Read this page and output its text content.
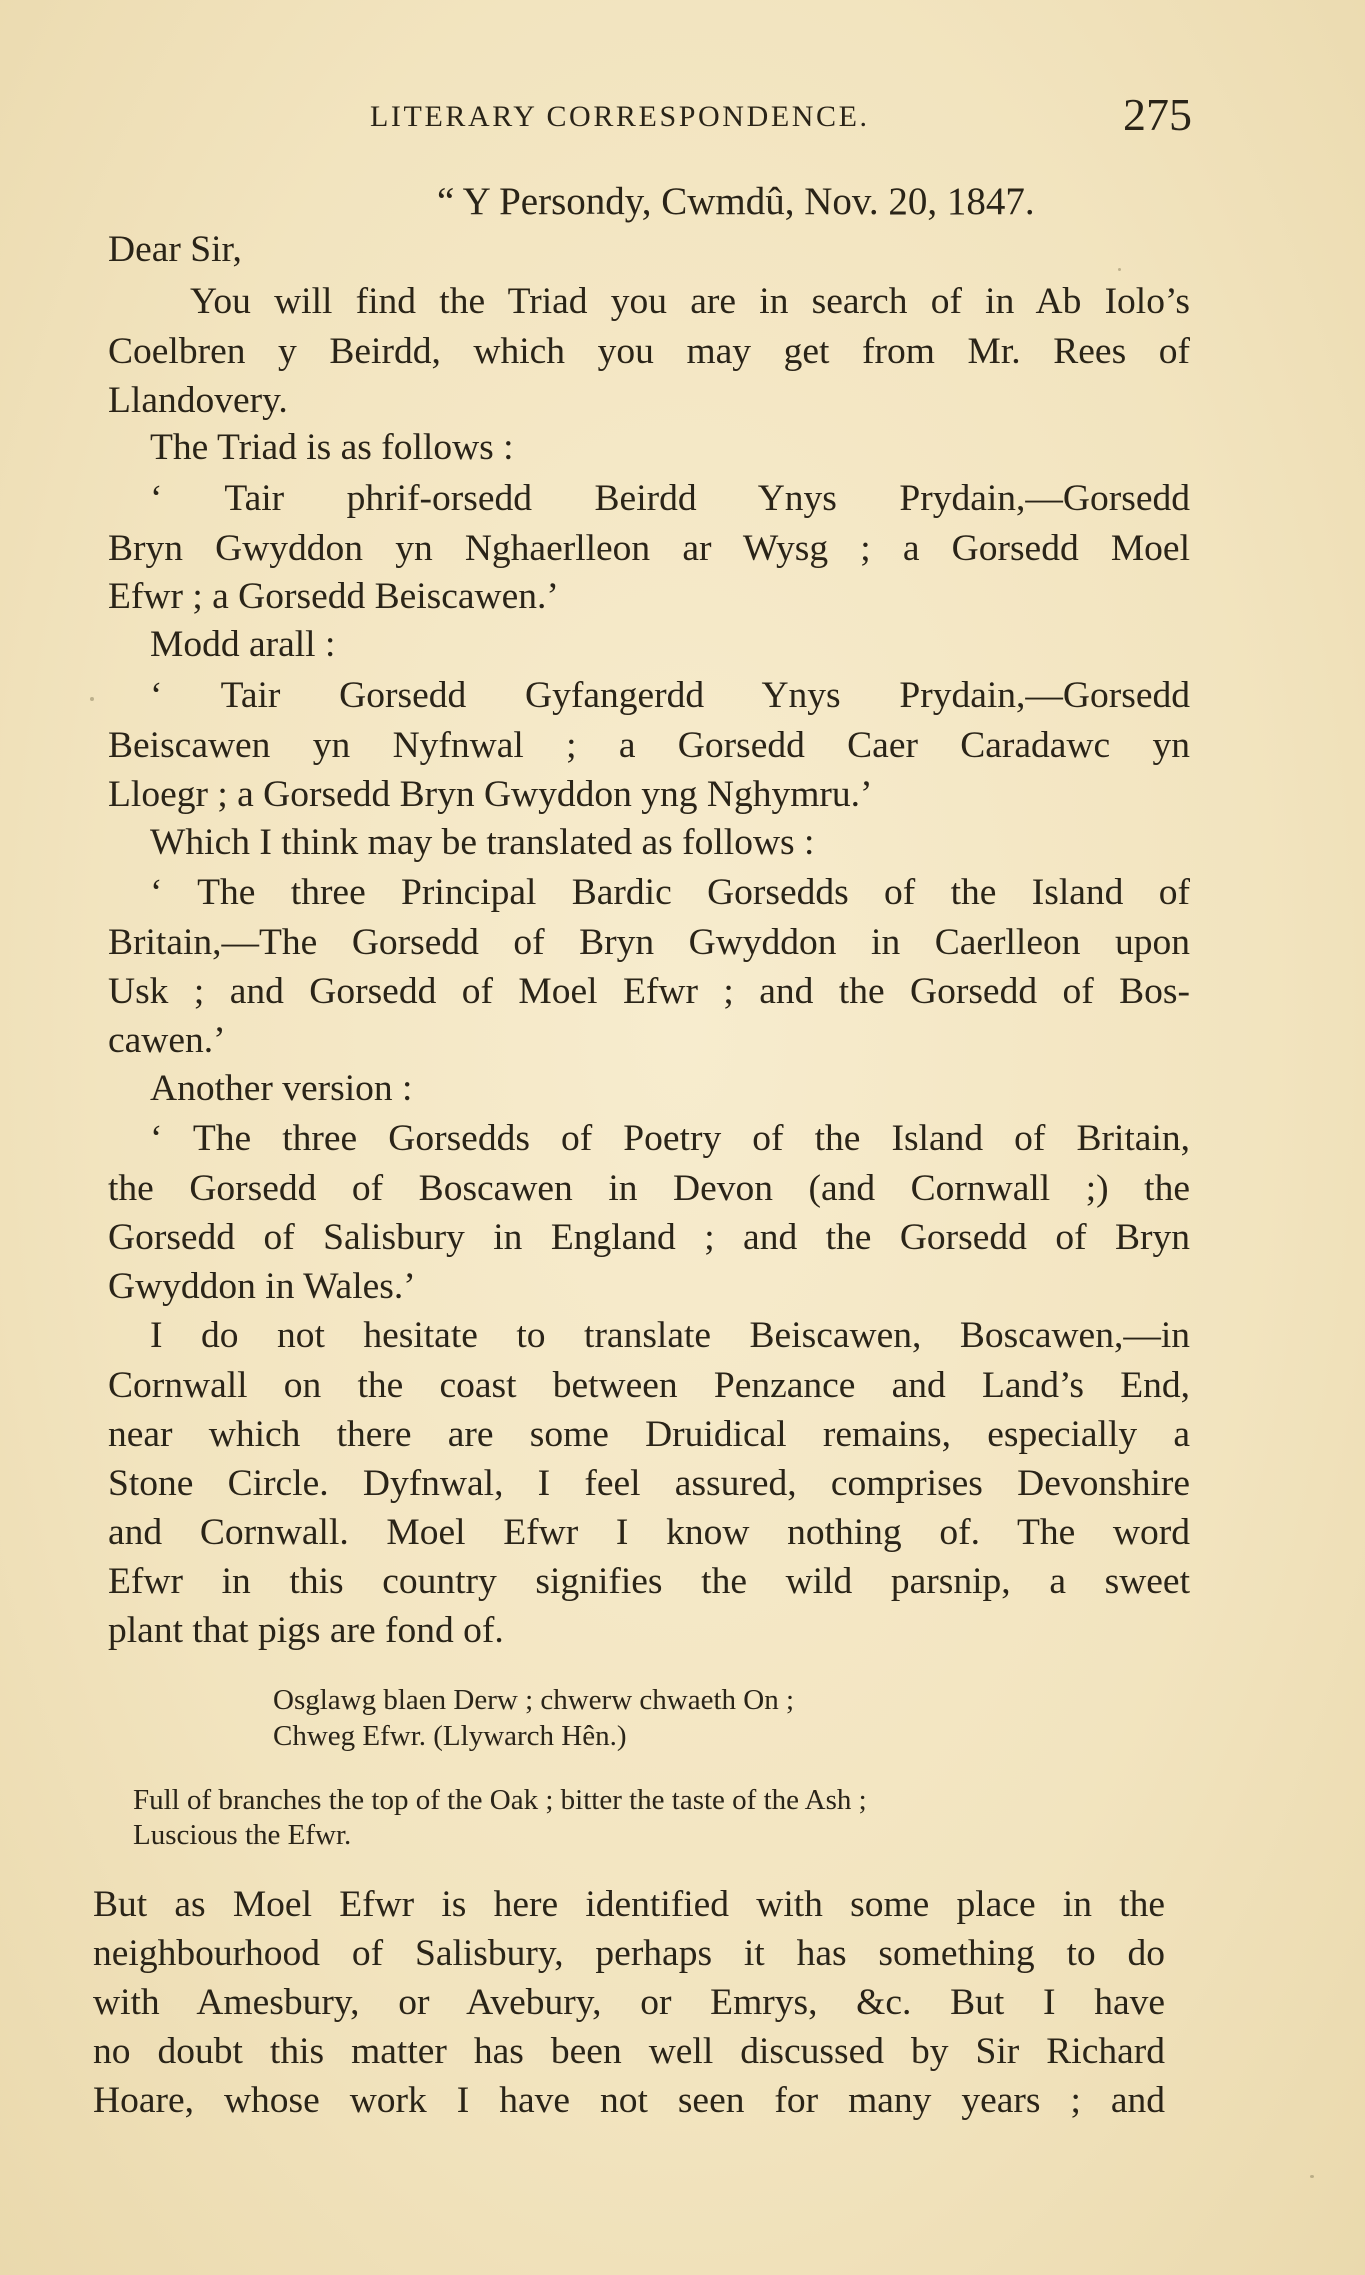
LITERARY CORRESPONDENCE.	275
“ Y Persondy, Cwmdû, Nov. 20, 1847.
Dear Sir,
You will find the Triad you are in search of in Ab Iolo’s
Coelbren y Beirdd, which you may get from Mr. Rees of
Llandovery.
The Triad is as follows :
‘ Tair phrif-orsedd Beirdd Ynys Prydain,—Gorsedd
Bryn Gwyddon yn Nghaerlleon ar Wysg ; a Gorsedd Moel
Efwr ; a Gorsedd Beiscawen.’
Modd arall :
‘ Tair Gorsedd Gyfangerdd Ynys Prydain,—Gorsedd
Beiscawen yn Nyfnwal ; a Gorsedd Caer Caradawc yn
Lloegr ; a Gorsedd Bryn Gwyddon yng Nghymru.’
Which I think may be translated as follows :
‘ The three Principal Bardic Gorsedds of the Island of
Britain,—The Gorsedd of Bryn Gwyddon in Caerlleon upon
Usk ; and Gorsedd of Moel Efwr ; and the Gorsedd of Bos-
cawen.’
Another version :
‘ The three Gorsedds of Poetry of the Island of Britain,
the Gorsedd of Boscawen in Devon (and Cornwall ;) the
Gorsedd of Salisbury in England ; and the Gorsedd of Bryn
Gwyddon in Wales.’
I do not hesitate to translate Beiscawen, Boscawen,—in
Cornwall on the coast between Penzance and Land’s End,
near which there are some Druidical remains, especially a
Stone Circle. Dyfnwal, I feel assured, comprises Devonshire
and Cornwall. Moel Efwr I know nothing of. The word
Efwr in this country signifies the wild parsnip, a sweet
plant that pigs are fond of.
Osglawg blaen Derw ; chwerw chwaeth On ;
Chweg Efwr. (Llywarch Hên.)
Full of branches the top of the Oak ; bitter the taste of the Ash ;
Luscious the Efwr.
But as Moel Efwr is here identified with some place in the
neighbourhood of Salisbury, perhaps it has something to do
with Amesbury, or Avebury, or Emrys, &c. But I have
no doubt this matter has been well discussed by Sir Richard
Hoare, whose work I have not seen for many years ; and
